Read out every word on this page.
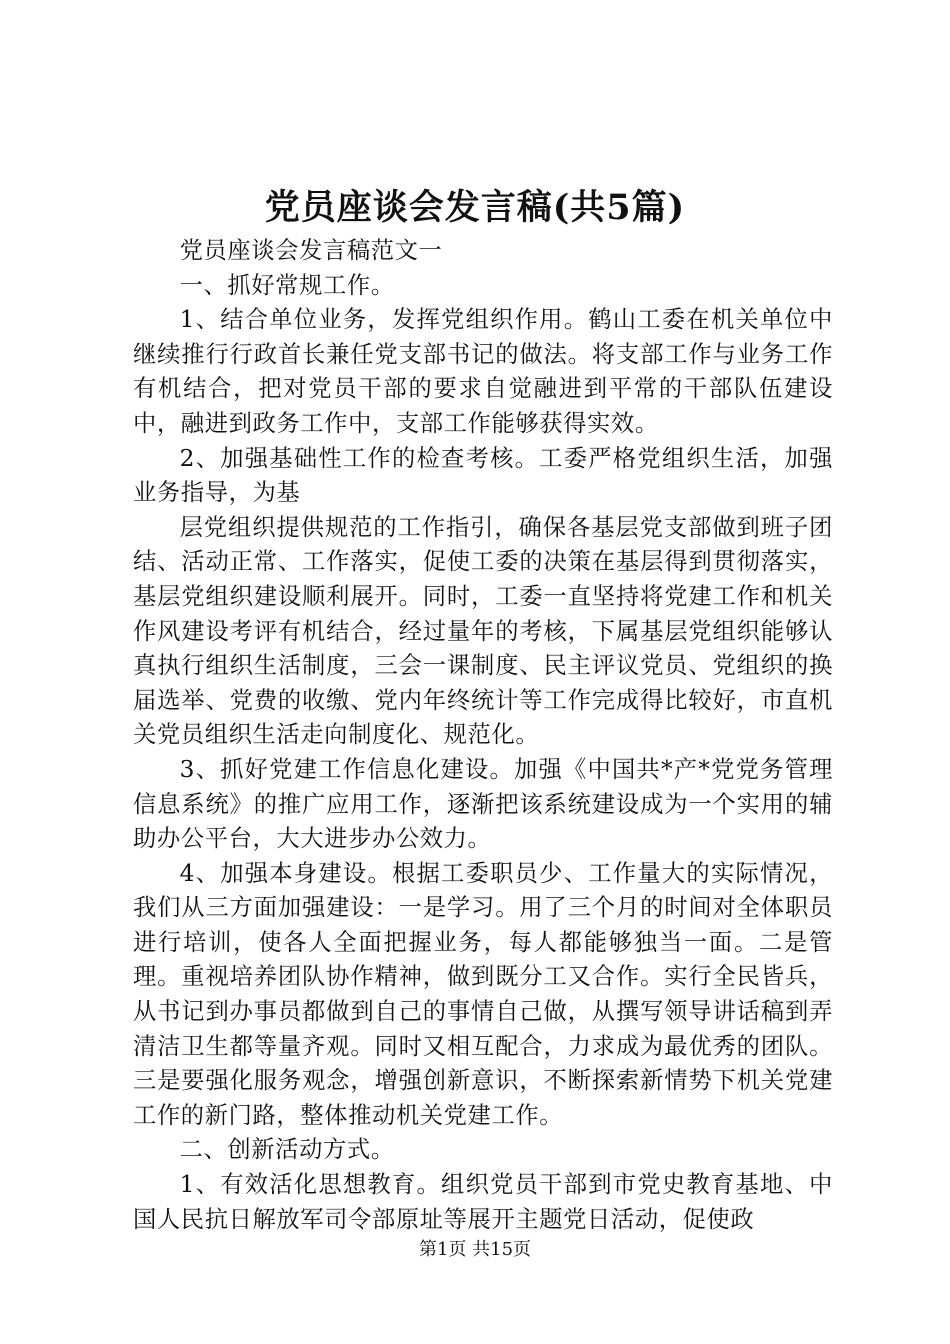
党员座谈会发言稿(共5篇)

党员座谈会发言稿范文一

一、抓好常规工作。

1、结合单位业务，发挥党组织作用。鹤山工委在机关单位中继续推行行政首长兼任党支部书记的做法。将支部工作与业务工作有机结合，把对党员干部的要求自觉融进到平常的干部队伍建设中，融进到政务工作中，支部工作能够获得实效。

2、加强基础性工作的检查考核。工委严格党组织生活，加强业务指导，为基

层党组织提供规范的工作指引，确保各基层党支部做到班子团结、活动正常、工作落实，促使工委的决策在基层得到贯彻落实，基层党组织建设顺利展开。同时，工委一直坚持将党建工作和机关作风建设考评有机结合，经过量年的考核，下属基层党组织能够认真执行组织生活制度，三会一课制度、民主评议党员、党组织的换届选举、党费的收缴、党内年终统计等工作完成得比较好，市直机关党员组织生活走向制度化、规范化。

3、抓好党建工作信息化建设。加强《中国共*产*党党务管理信息系统》的推广应用工作，逐渐把该系统建设成为一个实用的辅助办公平台，大大进步办公效力。

4、加强本身建设。根据工委职员少、工作量大的实际情况，我们从三方面加强建设：一是学习。用了三个月的时间对全体职员进行培训，使各人全面把握业务，每人都能够独当一面。二是管理。重视培养团队协作精神，做到既分工又合作。实行全民皆兵，从书记到办事员都做到自己的事情自己做，从撰写领导讲话稿到弄清洁卫生都等量齐观。同时又相互配合，力求成为最优秀的团队。三是要强化服务观念，增强创新意识，不断探索新情势下机关党建工作的新门路，整体推动机关党建工作。

二、创新活动方式。

1、有效活化思想教育。组织党员干部到市党史教育基地、中国人民抗日解放军司令部原址等展开主题党日活动，促使政

第1页 共15页
